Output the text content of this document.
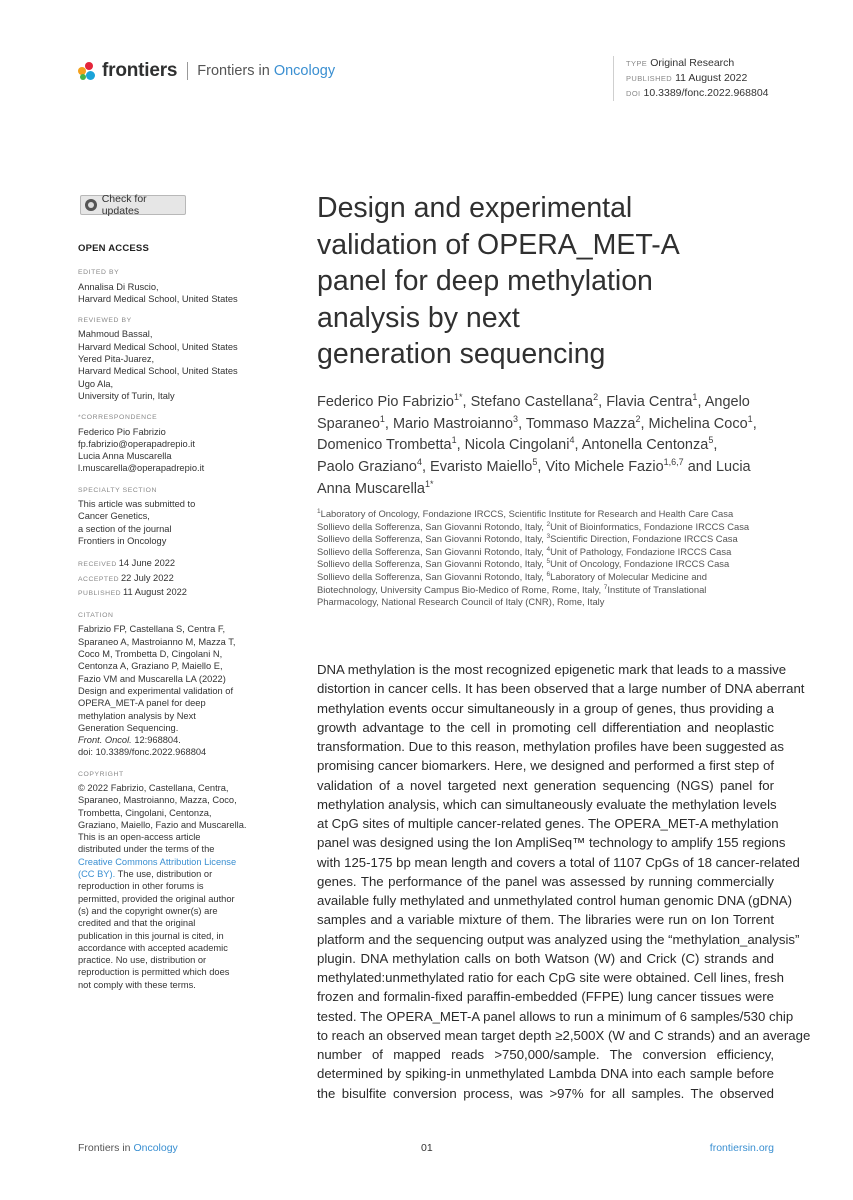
frontiers Frontiers in Oncology	TYPE Original Research
PUBLISHED 11 August 2022
DOI 10.3389/fonc.2022.968804
Check for updates
OPEN ACCESS
EDITED BY
Annalisa Di Ruscio,
Harvard Medical School, United States
REVIEWED BY
Mahmoud Bassal,
Harvard Medical School, United States
Yered Pita-Juarez,
Harvard Medical School, United States
Ugo Ala,
University of Turin, Italy
*CORRESPONDENCE
Federico Pio Fabrizio
fp.fabrizio@operapadrepio.it
Lucia Anna Muscarella
l.muscarella@operapadrepio.it
SPECIALTY SECTION
This article was submitted to
Cancer Genetics,
a section of the journal
Frontiers in Oncology
RECEIVED 14 June 2022
ACCEPTED 22 July 2022
PUBLISHED 11 August 2022
CITATION
Fabrizio FP, Castellana S, Centra F,
Sparaneo A, Mastroianno M, Mazza T,
Coco M, Trombetta D, Cingolani N,
Centonza A, Graziano P, Maiello E,
Fazio VM and Muscarella LA (2022)
Design and experimental validation of
OPERA_MET-A panel for deep
methylation analysis by Next
Generation Sequencing.
Front. Oncol. 12:968804.
doi: 10.3389/fonc.2022.968804
COPYRIGHT
© 2022 Fabrizio, Castellana, Centra,
Sparaneo, Mastroianno, Mazza, Coco,
Trombetta, Cingolani, Centonza,
Graziano, Maiello, Fazio and Muscarella.
This is an open-access article
distributed under the terms of the
Creative Commons Attribution License
(CC BY). The use, distribution or
reproduction in other forums is
permitted, provided the original author
(s) and the copyright owner(s) are
credited and that the original
publication in this journal is cited, in
accordance with accepted academic
practice. No use, distribution or
reproduction is permitted which does
not comply with these terms.
Design and experimental
validation of OPERA_MET-A
panel for deep methylation
analysis by next
generation sequencing
Federico Pio Fabrizio$^{1*}$, Stefano Castellana$^2$, Flavia Centra$^1$, Angelo Sparaneo$^1$, Mario Mastroianno$^3$, Tommaso Mazza$^2$, Michelina Coco$^1$, Domenico Trombetta$^1$, Nicola Cingolani$^4$, Antonella Centonza$^5$, Paolo Graziano$^4$, Evaristo Maiello$^5$, Vito Michele Fazio$^{1,6,7}$ and Lucia Anna Muscarella$^{1*}$
$^1$Laboratory of Oncology, Fondazione IRCCS, Scientific Institute for Research and Health Care Casa Sollievo della Sofferenza, San Giovanni Rotondo, Italy, $^2$Unit of Bioinformatics, Fondazione IRCCS Casa Sollievo della Sofferenza, San Giovanni Rotondo, Italy, $^3$Scientific Direction, Fondazione IRCCS Casa Sollievo della Sofferenza, San Giovanni Rotondo, Italy, $^4$Unit of Pathology, Fondazione IRCCS Casa Sollievo della Sofferenza, San Giovanni Rotondo, Italy, $^5$Unit of Oncology, Fondazione IRCCS Casa Sollievo della Sofferenza, San Giovanni Rotondo, Italy, $^6$Laboratory of Molecular Medicine and Biotechnology, University Campus Bio-Medico of Rome, Rome, Italy, $^7$Institute of Translational Pharmacology, National Research Council of Italy (CNR), Rome, Italy
DNA methylation is the most recognized epigenetic mark that leads to a massive
distortion in cancer cells. It has been observed that a large number of DNA aberrant
methylation events occur simultaneously in a group of genes, thus providing a
growth advantage to the cell in promoting cell differentiation and neoplastic
transformation. Due to this reason, methylation profiles have been suggested as
promising cancer biomarkers. Here, we designed and performed a first step of
validation of a novel targeted next generation sequencing (NGS) panel for
methylation analysis, which can simultaneously evaluate the methylation levels
at CpG sites of multiple cancer-related genes. The OPERA_MET-A methylation
panel was designed using the Ion AmpliSeq™ technology to amplify 155 regions
with 125-175 bp mean length and covers a total of 1107 CpGs of 18 cancer-related
genes. The performance of the panel was assessed by running commercially
available fully methylated and unmethylated control human genomic DNA (gDNA)
samples and a variable mixture of them. The libraries were run on Ion Torrent
platform and the sequencing output was analyzed using the “methylation_analysis”
plugin. DNA methylation calls on both Watson (W) and Crick (C) strands and
methylated:unmethylated ratio for each CpG site were obtained. Cell lines, fresh
frozen and formalin-fixed paraffin-embedded (FFPE) lung cancer tissues were
tested. The OPERA_MET-A panel allows to run a minimum of 6 samples/530 chip
to reach an observed mean target depth ≥2,500X (W and C strands) and an average
number of mapped reads >750,000/sample. The conversion efficiency,
determined by spiking-in unmethylated Lambda DNA into each sample before
the bisulfite conversion process, was >97% for all samples. The observed
Frontiers in Oncology	01	frontiersin.org
